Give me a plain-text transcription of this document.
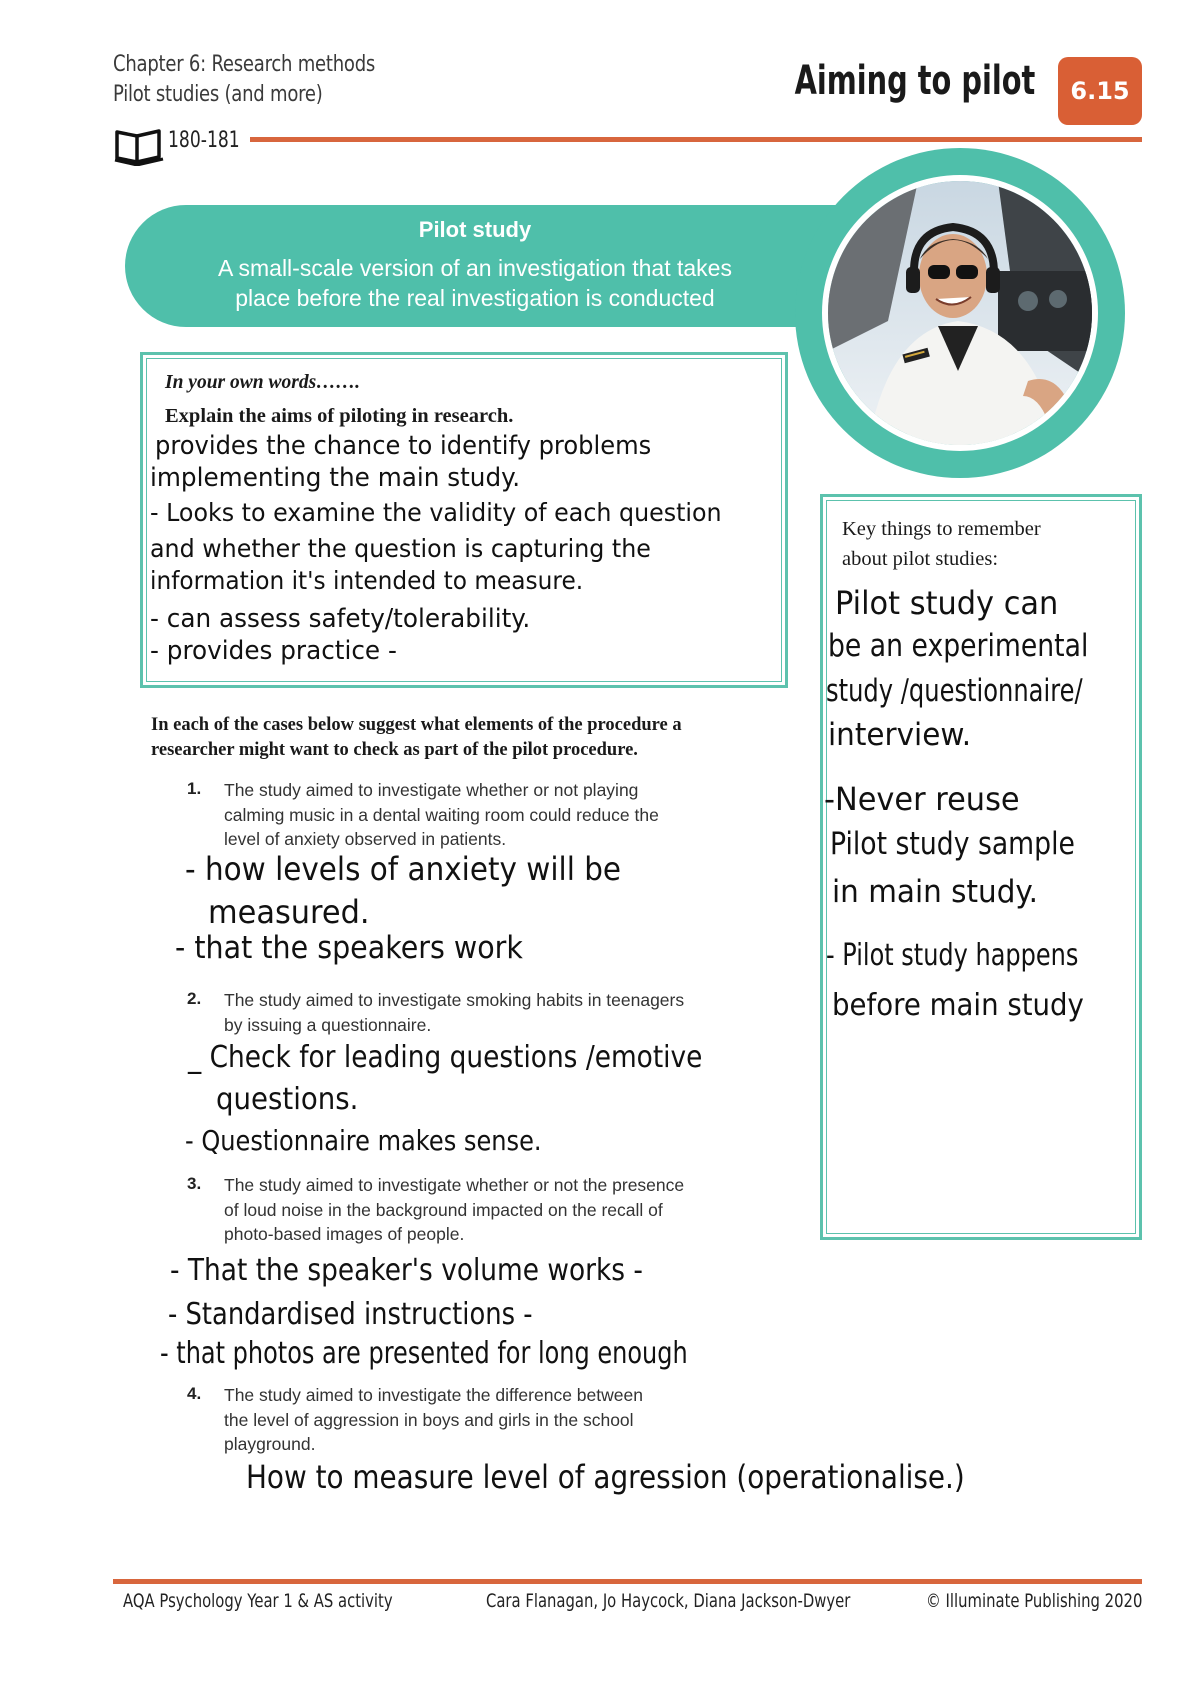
Chapter 6: Research methods
Pilot studies (and more)	Aiming to pilot	6.15
180-181
Pilot study
A small-scale version of an investigation that takes
place before the real investigation is conducted
In your own words…….
Explain the aims of piloting in research.
provides the chance to identify problems
implementing the main study.
- Looks to examine the validity of each question
and whether the question is capturing the
information it's intended to measure.
- can assess safety/tolerability.
- provides practice -
Key things to remember
about pilot studies:
Pilot study can
be an experimental
study /questionnaire/
interview.
-Never reuse
Pilot study sample
in main study.
- Pilot study happens
before main study
In each of the cases below suggest what elements of the procedure a
researcher might want to check as part of the pilot procedure.
1. The study aimed to investigate whether or not playing
calming music in a dental waiting room could reduce the
level of anxiety observed in patients.
- how levels of anxiety will be
measured.
- that the speakers work
2. The study aimed to investigate smoking habits in teenagers
by issuing a questionnaire.
_ Check for leading questions /emotive
questions.
- Questionnaire makes sense.
3. The study aimed to investigate whether or not the presence
of loud noise in the background impacted on the recall of
photo-based images of people.
- That the speaker's volume works -
- Standardised instructions -
- that photos are presented for long enough
4. The study aimed to investigate the difference between
the level of aggression in boys and girls in the school
playground.
How to measure level of agression (operationalise.)
AQA Psychology Year 1 & AS activity	Cara Flanagan, Jo Haycock, Diana Jackson-Dwyer	© Illuminate Publishing 2020
